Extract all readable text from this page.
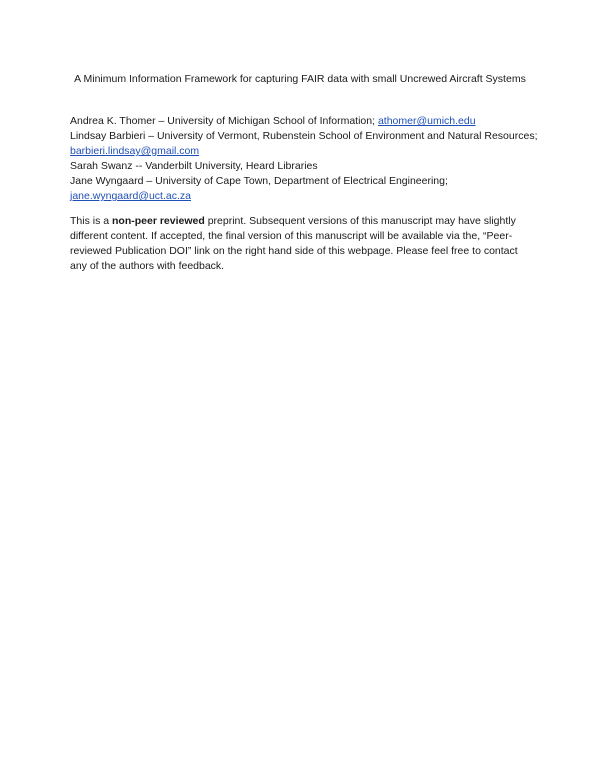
A Minimum Information Framework for capturing FAIR data with small Uncrewed Aircraft Systems
Andrea K. Thomer – University of Michigan School of Information; athomer@umich.edu
Lindsay Barbieri – University of Vermont, Rubenstein School of Environment and Natural Resources; barbieri.lindsay@gmail.com
Sarah Swanz -- Vanderbilt University, Heard Libraries
Jane Wyngaard – University of Cape Town, Department of Electrical Engineering; jane.wyngaard@uct.ac.za
This is a non-peer reviewed preprint. Subsequent versions of this manuscript may have slightly different content. If accepted, the final version of this manuscript will be available via the, “Peer-reviewed Publication DOI” link on the right hand side of this webpage. Please feel free to contact any of the authors with feedback.
